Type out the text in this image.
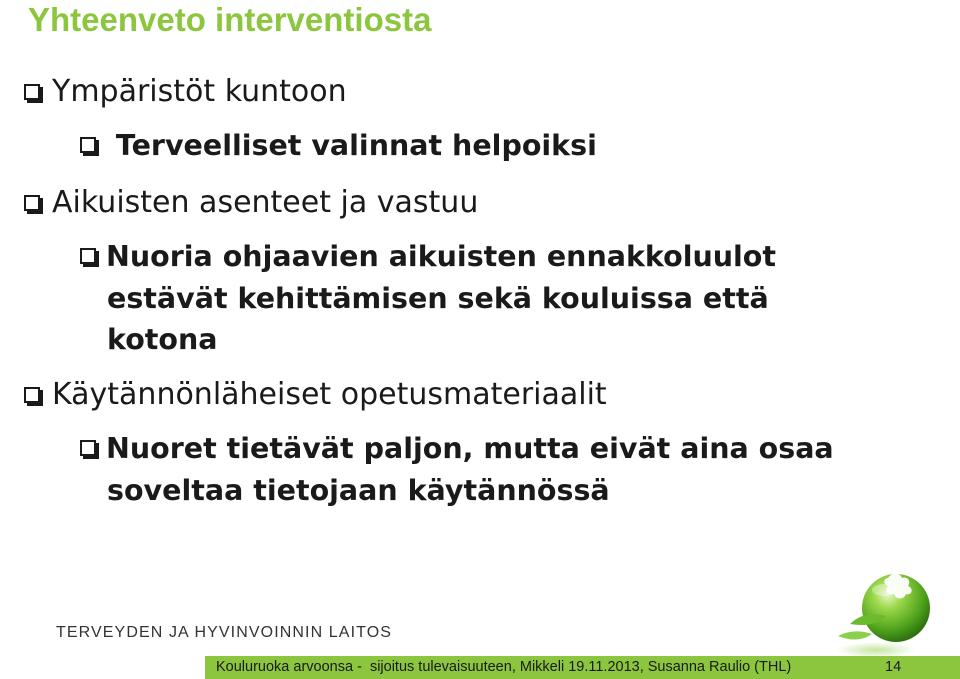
Yhteenveto interventiosta
Ympäristöt kuntoon
Terveelliset valinnat helpoiksi
Aikuisten asenteet ja vastuu
Nuoria ohjaavien aikuisten ennakkoluulot
estävät kehittämisen sekä kouluissa että
kotona
Käytännönläheiset opetusmateriaalit
Nuoret tietävät paljon, mutta eivät aina osaa
soveltaa tietojaan käytännössä
TERVEYDEN JA HYVINVOINNIN LAITOS
Kouluruoka arvoonsa -  sijoitus tulevaisuuteen, Mikkeli 19.11.2013, Susanna Raulio (THL)	14
